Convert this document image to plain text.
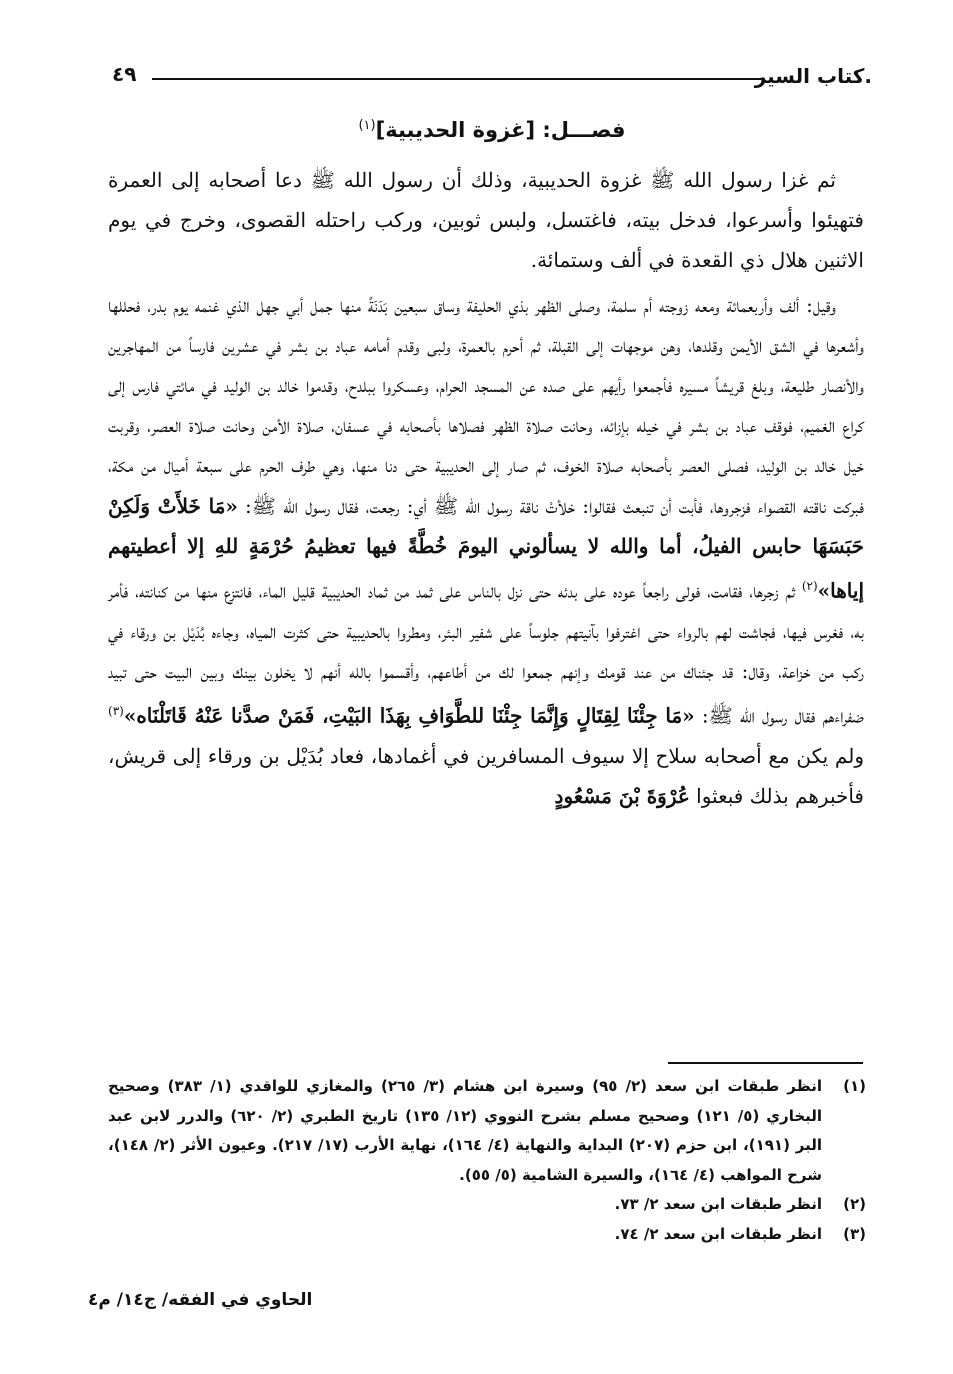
.كتاب السير
٤٩
فصـــل: [غزوة الحديبية]$^{(١)}$

ثم غزا رسول الله ﷺ غزوة الحديبية، وذلك أن رسول الله ﷺ دعا أصحابه إلى العمرة فتهيئوا وأسرعوا، فدخل بيته، فاغتسل، ولبس ثوبين، وركب راحتله القصوى، وخرج في يوم الاثنين هلال ذي القعدة في ألف وستمائة.

وقيل: ألف وأربعمائة ومعه زوجته أم سلمة، وصلى الظهر بذي الحليفة وساق سبعين بَدَنَةً منها جمل أبي جهل الذي غنمه يوم بدر، فحللها وأشعرها في الشق الأيمن وقلدها، وهن موجهات إلى القبلة، ثم أحرم بالعمرة، ولبى وقدم أمامه عباد بن بشر في عشرين فارساً من المهاجرين والأنصار طليعة، وبلغ قريشاً مسيره فأجمعوا رأيهم على صده عن المسجد الحرام، وعسكروا ببلدح، وقدموا خالد بن الوليد في مائتي فارس إلى كراع الغميم، فوقف عباد بن بشر في خيله بإزائه، وحانت صلاة الظهر فصلاها بأصحابه في عسفان، صلاة الأمن وحانت صلاة العصر، وقربت خيل خالد بن الوليد، فصلى العصر بأصحابه صلاة الخوف، ثم صار إلى الحديبية حتى دنا منها، وهي طرف الحرم على سبعة أميال من مكة، فبركت ناقته القصواء فزجروها، فأبت أن تنبعث فقالوا: خلأتْ ناقة رسول الله ﷺ أي: رجعت، فقال رسول الله ﷺ: «مَا خَلأَتْ وَلَكِنْ حَبَسَهَا حابس الفيلُ، أما والله لا يسألوني اليومَ خُطَّةً فيها تعظيمُ حُرْمَةٍ للهِ إلا أعطيتهم إياها»$^{(٢)}$ ثم زجرها، فقامت، فولى راجعاً عوده على بدئه حتى نزل بالناس على ثمد من ثماد الحديبية قليل الماء، فانتزع منها من كنانته، فأمر به، فغرس فيها، فجاشت لهم بالرواء حتى اغترفوا بآنيتهم جلوساً على شفير البئر، ومطروا بالحديبية حتى كثرت المياه، وجاءه بُدَيْل بن ورقاء في ركب من خزاعة، وقال: قد جئناك من عند قومك وإنهم جمعوا لك من أطاعهم، وأقسموا بالله أنهم لا يخلون بينك وبين البيت حتى تبيد ضفراءهم فقال رسول الله ﷺ: «مَا جِئْنَا لِقِتَالٍ وَإِنَّمَا جِئْنَا للطَّوَافِ بِهَذَا البَيْتِ، فَمَنْ صدَّنا عَنْهُ قَاتَلْنَاه»$^{(٣)}$ ولم يكن مع أصحابه سلاح إلا سيوف المسافرين في أغمادها، فعاد بُدَيْل بن ورقاء إلى قريش، فأخبرهم بذلك فبعثوا عُرْوَةَ بْنَ مَسْعُودٍ

(١)
انظر طبقات ابن سعد (٢/ ٩٥) وسيرة ابن هشام (٣/ ٢٦٥) والمغازي للواقدي (١/ ٣٨٣) وصحيح البخاري (٥/ ١٢١) وصحيح مسلم بشرح النووي (١٢/ ١٣٥) تاريخ الطبري (٢/ ٦٢٠) والدرر لابن عبد البر (١٩١)، ابن حزم (٢٠٧) البداية والنهاية (٤/ ١٦٤)، نهاية الأرب (١٧/ ٢١٧). وعيون الأثر (٢/ ١٤٨)، شرح المواهب (٤/ ١٦٤)، والسيرة الشامية (٥/ ٥٥).
(٢)
انظر طبقات ابن سعد ٢/ ٧٣.
(٣)
انظر طبقات ابن سعد ٢/ ٧٤.
الحاوي في الفقه/ ج١٤/ م٤
